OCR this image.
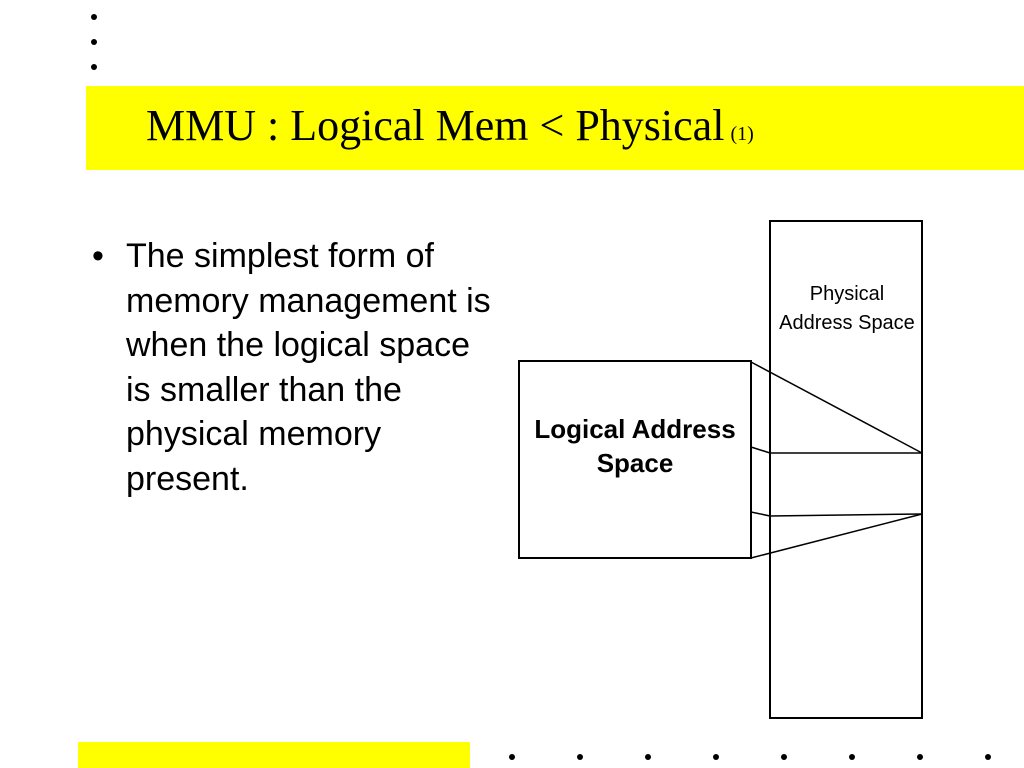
MMU : Logical Mem < Physical (1)
• The simplest form of memory management is when the logical space is smaller than the physical memory present.
Physical Address Space
Logical Address Space
